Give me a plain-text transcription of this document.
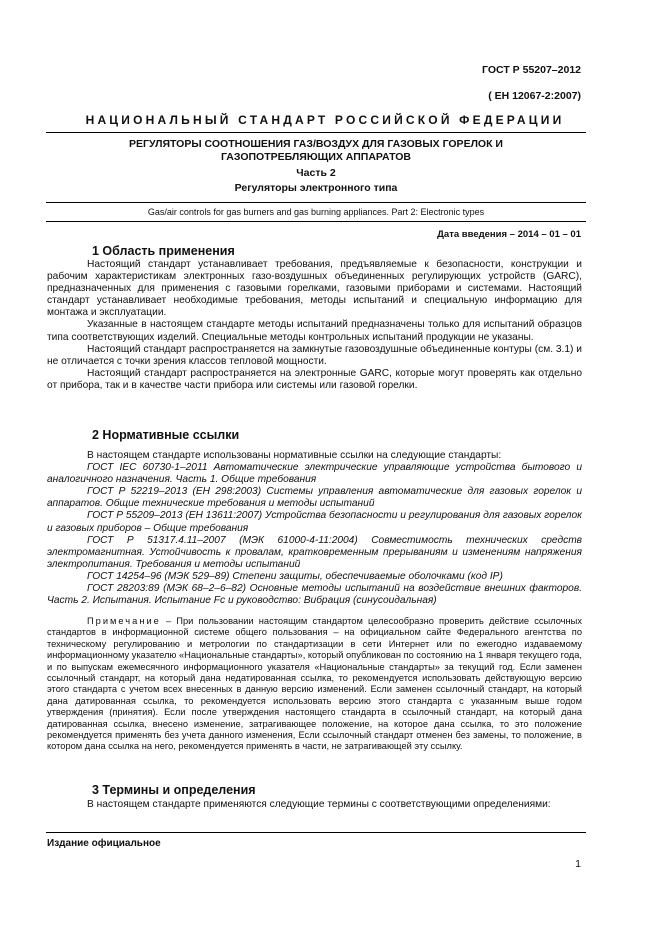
ГОСТ Р 55207–2012
( ЕН 12067-2:2007)
НАЦИОНАЛЬНЫЙ СТАНДАРТ РОССИЙСКОЙ ФЕДЕРАЦИИ
РЕГУЛЯТОРЫ СООТНОШЕНИЯ ГАЗ/ВОЗДУХ ДЛЯ ГАЗОВЫХ ГОРЕЛОК И
ГАЗОПОТРЕБЛЯЮЩИХ АППАРАТОВ
Часть 2
Регуляторы электронного типа
Gas/air controls for gas burners and gas burning appliances. Part 2: Electronic types
Дата введения – 2014 – 01 – 01
1 Область применения

Настоящий стандарт устанавливает требования, предъявляемые к безопасности, конструкции и рабочим характеристикам электронных газо-воздушных объединенных регулирующих устройств (GARC), предназначенных для применения с газовыми горелками, газовыми приборами и системами. Настоящий стандарт устанавливает необходимые требования, методы испытаний и специальную информацию для монтажа и эксплуатации.

Указанные в настоящем стандарте методы испытаний предназначены только для испытаний образцов типа соответствующих изделий. Специальные методы контрольных испытаний продукции не указаны.

Настоящий стандарт распространяется на замкнутые газовоздушные объединенные контуры (см. 3.1) и не отличается с точки зрения классов тепловой мощности.

Настоящий стандарт распространяется на электронные GARC, которые могут проверять как отдельно от прибора, так и в качестве части прибора или системы или газовой горелки.

2 Нормативные ссылки

В настоящем стандарте использованы нормативные ссылки на следующие стандарты:

ГОСТ IEC 60730-1–2011 Автоматические электрические управляющие устройства бытового и аналогичного назначения. Часть 1. Общие требования

ГОСТ Р 52219–2013 (ЕН 298:2003) Системы управления автоматические для газовых горелок и аппаратов. Общие технические требования и методы испытаний

ГОСТ Р 55209–2013 (ЕН 13611:2007) Устройства безопасности и регулирования для газовых горелок и газовых приборов – Общие требования

ГОСТ Р 51317.4.11–2007 (МЭК 61000-4-11:2004) Совместимость технических средств электромагнитная. Устойчивость к провалам, кратковременным прерываниям и изменениям напряжения электропитания. Требования и методы испытаний

ГОСТ 14254–96 (МЭК 529–89) Степени защиты, обеспечиваемые оболочками (код IP)

ГОСТ 28203:89 (МЭК 68–2–6–82) Основные методы испытаний на воздействие внешних факторов. Часть 2. Испытания. Испытание Fc и руководство: Вибрация (синусоидальная)

Примечание – При пользовании настоящим стандартом целесообразно проверить действие ссылочных стандартов в информационной системе общего пользования – на официальном сайте Федерального агентства по техническому регулированию и метрологии по стандартизации в сети Интернет или по ежегодно издаваемому информационному указателю «Национальные стандарты», который опубликован по состоянию на 1 января текущего года, и по выпускам ежемесячного информационного указателя «Национальные стандарты» за текущий год. Если заменен ссылочный стандарт, на который дана недатированная ссылка, то рекомендуется использовать действующую версию этого стандарта с учетом всех внесенных в данную версию изменений. Если заменен ссылочный стандарт, на который дана датированная ссылка, то рекомендуется использовать версию этого стандарта с указанным выше годом утверждения (принятия). Если после утверждения настоящего стандарта в ссылочный стандарт, на который дана датированная ссылка, внесено изменение, затрагивающее положение, на которое дана ссылка, то это положение рекомендуется применять без учета данного изменения, Если ссылочный стандарт отменен без замены, то положение, в котором дана ссылка на него, рекомендуется применять в части, не затрагивающей эту ссылку.

3 Термины и определения

В настоящем стандарте применяются следующие термины с соответствующими определениями:

Издание официальное
1
